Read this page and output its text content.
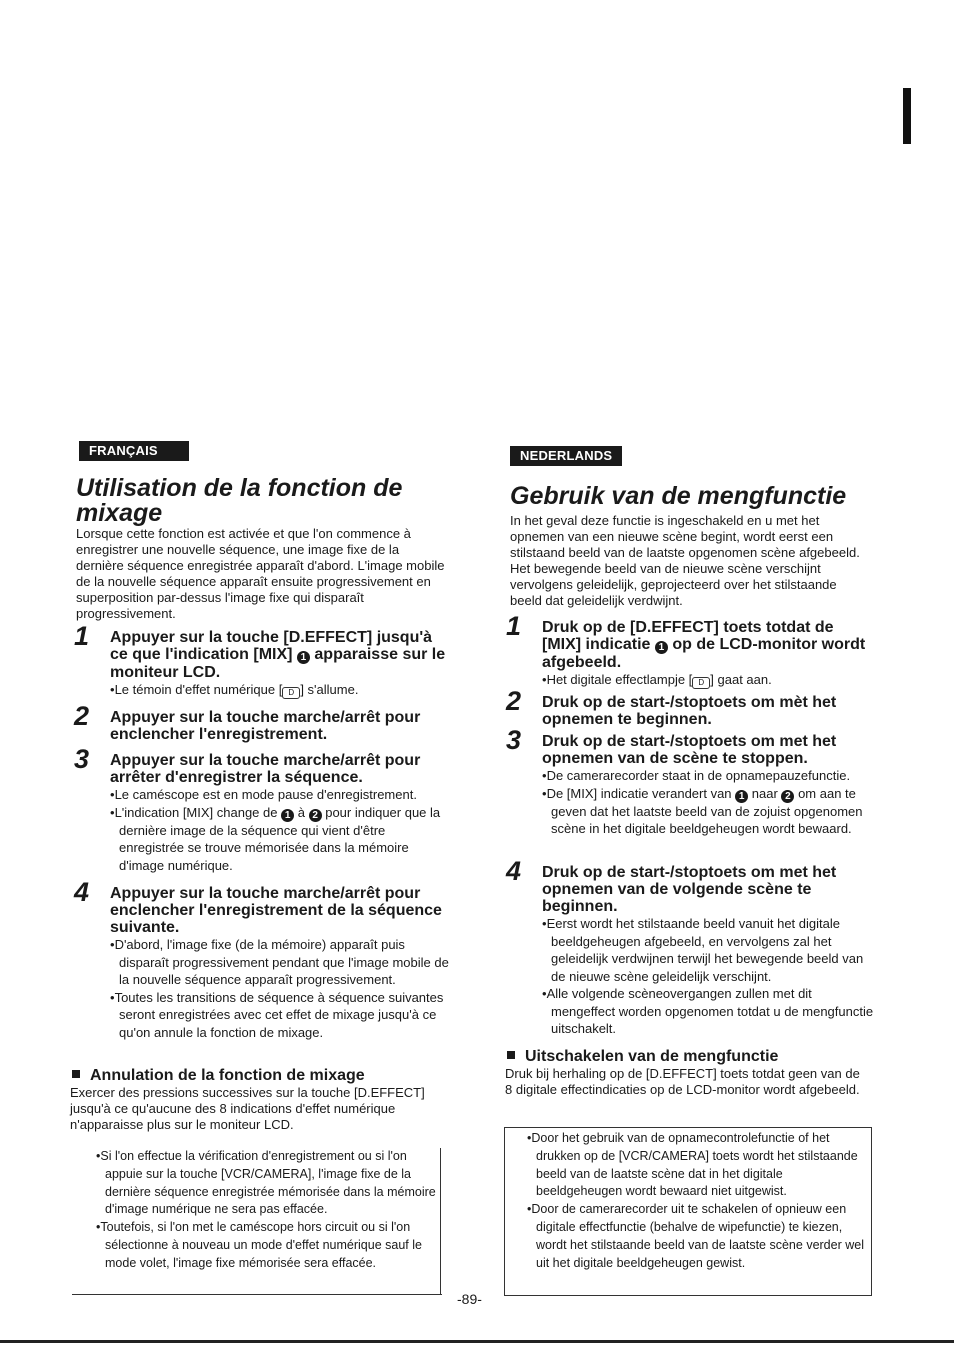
FRANÇAIS
Utilisation de la fonction de
mixage

Lorsque cette fonction est activée et que l'on commence à enregistrer une nouvelle séquence, une image fixe de la dernière séquence enregistrée apparaît d'abord. L'image mobile de la nouvelle séquence apparaît ensuite progressivement en superposition par-dessus l'image fixe qui disparaît progressivement.

1 Appuyer sur la touche [D.EFFECT] jusqu'à ce que l'indication [MIX] 1 apparaisse sur le moniteur LCD.

•Le témoin d'effet numérique [ D ] s'allume.
2 Appuyer sur la touche marche/arrêt pour enclencher l'enregistrement.

3 Appuyer sur la touche marche/arrêt pour arrêter d'enregistrer la séquence.

•Le caméscope est en mode pause d'enregistrement.
•L'indication [MIX] change de 1 à 2 pour indiquer que la dernière image de la séquence qui vient d'être enregistrée se trouve mémorisée dans la mémoire d'image numérique.
4 Appuyer sur la touche marche/arrêt pour enclencher l'enregistrement de la séquence suivante.

•D'abord, l'image fixe (de la mémoire) apparaît puis disparaît progressivement pendant que l'image mobile de la nouvelle séquence apparaît progressivement.
•Toutes les transitions de séquence à séquence suivantes seront enregistrées avec cet effet de mixage jusqu'à ce qu'on annule la fonction de mixage.

Annulation de la fonction de mixage

Exercer des pressions successives sur la touche [D.EFFECT] jusqu'à ce qu'aucune des 8 indications d'effet numérique n'apparaisse plus sur le moniteur LCD.

•Si l'on effectue la vérification d'enregistrement ou si l'on appuie sur la touche [VCR/CAMERA], l'image fixe de la dernière séquence enregistrée mémorisée dans la mémoire d'image numérique ne sera pas effacée.
•Toutefois, si l'on met le caméscope hors circuit ou si l'on sélectionne à nouveau un mode d'effet numérique sauf le mode volet, l'image fixe mémorisée sera effacée.
NEDERLANDS
Gebruik van de mengfunctie

In het geval deze functie is ingeschakeld en u met het opnemen van een nieuwe scène begint, wordt eerst een stilstaand beeld van de laatste opgenomen scène afgebeeld. Het bewegende beeld van de nieuwe scène verschijnt vervolgens geleidelijk, geprojecteerd over het stilstaande beeld dat geleidelijk verdwijnt.

1 Druk op de [D.EFFECT] toets totdat de [MIX] indicatie 1 op de LCD-monitor wordt afgebeeld.

•Het digitale effectlampje [ D ] gaat aan.
2 Druk op de start-/stoptoets om mèt het opnemen te beginnen.

3 Druk op de start-/stoptoets om met het opnemen van de scène te stoppen.

•De camerarecorder staat in de opnamepauzefunctie.
•De [MIX] indicatie verandert van 1 naar 2 om aan te geven dat het laatste beeld van de zojuist opgenomen scène in het digitale beeldgeheugen wordt bewaard.
4 Druk op de start-/stoptoets om met het opnemen van de volgende scène te beginnen.

•Eerst wordt het stilstaande beeld vanuit het digitale beeldgeheugen afgebeeld, en vervolgens zal het geleidelijk verdwijnen terwijl het bewegende beeld van de nieuwe scène geleidelijk verschijnt.
•Alle volgende scèneovergangen zullen met dit mengeffect worden opgenomen totdat u de mengfunctie uitschakelt.

Uitschakelen van de mengfunctie

Druk bij herhaling op de [D.EFFECT] toets totdat geen van de 8 digitale effectindicaties op de LCD-monitor wordt afgebeeld.

•Door het gebruik van de opnamecontrolefunctie of het drukken op de [VCR/CAMERA] toets wordt het stilstaande beeld van de laatste scène dat in het digitale beeldgeheugen wordt bewaard niet uitgewist.
•Door de camerarecorder uit te schakelen of opnieuw een digitale effectfunctie (behalve de wipefunctie) te kiezen, wordt het stilstaande beeld van de laatste scène verder wel uit het digitale beeldgeheugen gewist.
-89-
